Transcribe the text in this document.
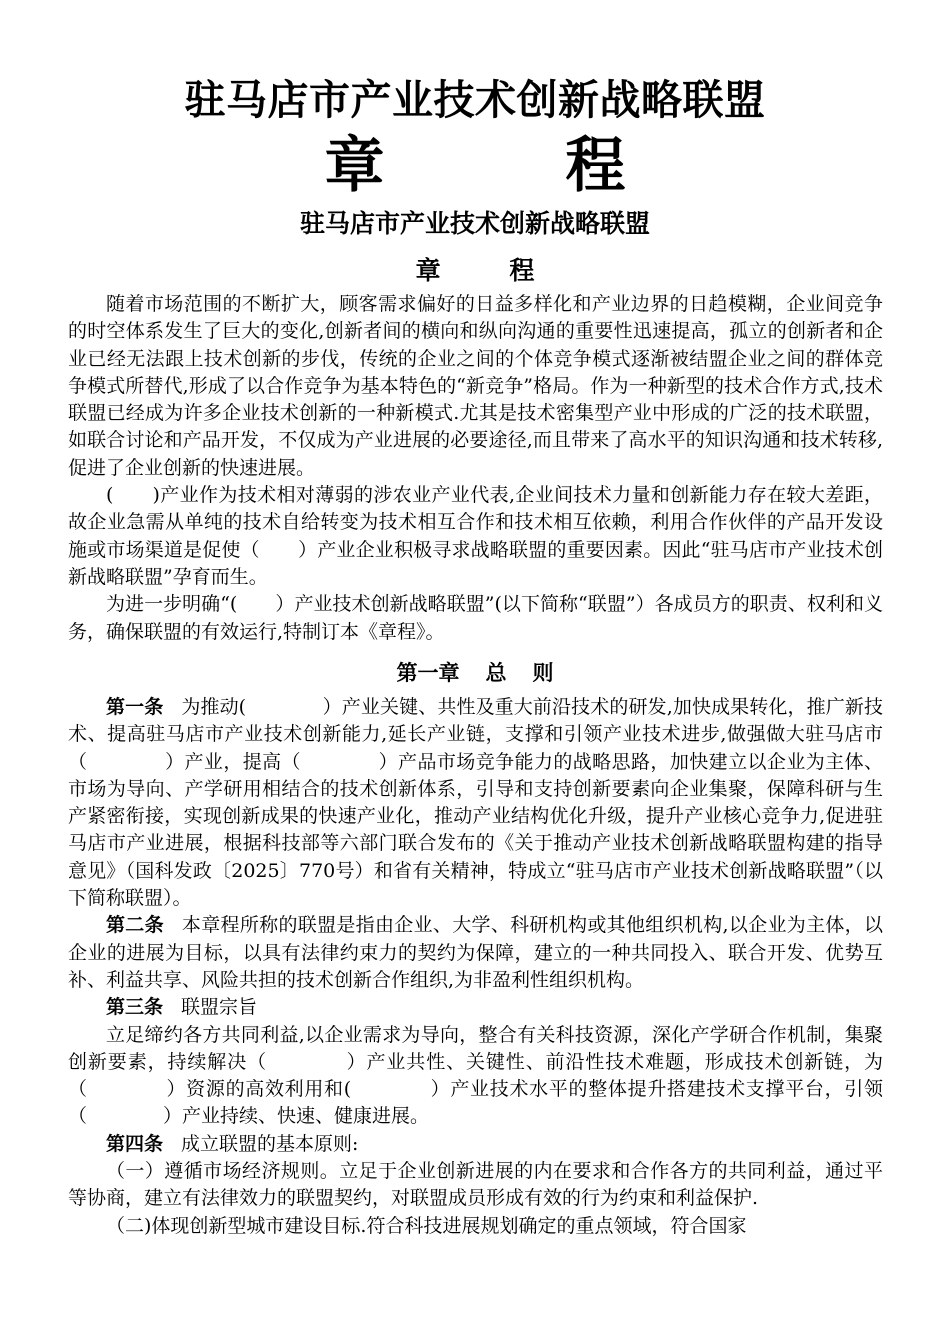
驻马店市产业技术创新战略联盟
章 程
驻马店市产业技术创新战略联盟
章 程

随着市场范围的不断扩大，顾客需求偏好的日益多样化和产业边界的日趋模糊，企业间竞争的时空体系发生了巨大的变化,创新者间的横向和纵向沟通的重要性迅速提高，孤立的创新者和企业已经无法跟上技术创新的步伐，传统的企业之间的个体竞争模式逐渐被结盟企业之间的群体竞争模式所替代,形成了以合作竞争为基本特色的“新竞争”格局。作为一种新型的技术合作方式,技术联盟已经成为许多企业技术创新的一种新模式.尤其是技术密集型产业中形成的广泛的技术联盟，如联合讨论和产品开发，不仅成为产业进展的必要途径,而且带来了高水平的知识沟通和技术转移,促进了企业创新的快速进展。

(　　)产业作为技术相对薄弱的涉农业产业代表,企业间技术力量和创新能力存在较大差距，故企业急需从单纯的技术自给转变为技术相互合作和技术相互依赖，利用合作伙伴的产品开发设施或市场渠道是促使（　　）产业企业积极寻求战略联盟的重要因素。因此“驻马店市产业技术创新战略联盟”孕育而生。

为进一步明确“(　　）产业技术创新战略联盟”(以下简称“联盟”）各成员方的职责、权利和义务，确保联盟的有效运行,特制订本《章程》。

第一章 总 则

第一条 为推动(　　　　）产业关键、共性及重大前沿技术的研发,加快成果转化，推广新技术、提高驻马店市产业技术创新能力,延长产业链，支撑和引领产业技术进步,做强做大驻马店市（　　　　）产业，提高（　　　　）产品市场竞争能力的战略思路，加快建立以企业为主体、市场为导向、产学研用相结合的技术创新体系，引导和支持创新要素向企业集聚，保障科研与生产紧密衔接，实现创新成果的快速产业化，推动产业结构优化升级，提升产业核心竞争力,促进驻马店市产业进展，根据科技部等六部门联合发布的《关于推动产业技术创新战略联盟构建的指导意见》（国科发政〔2025〕770号）和省有关精神，特成立“驻马店市产业技术创新战略联盟”（以下简称联盟）。

第二条 本章程所称的联盟是指由企业、大学、科研机构或其他组织机构,以企业为主体，以企业的进展为目标，以具有法律约束力的契约为保障，建立的一种共同投入、联合开发、优势互补、利益共享、风险共担的技术创新合作组织,为非盈利性组织机构。

第三条 联盟宗旨

立足缔约各方共同利益,以企业需求为导向，整合有关科技资源，深化产学研合作机制，集聚创新要素，持续解决（　　　　）产业共性、关键性、前沿性技术难题，形成技术创新链，为（　　　　）资源的高效利用和(　　　　）产业技术水平的整体提升搭建技术支撑平台，引领（　　　　）产业持续、快速、健康进展。

第四条 成立联盟的基本原则:

（一）遵循市场经济规则。立足于企业创新进展的内在要求和合作各方的共同利益，通过平等协商，建立有法律效力的联盟契约，对联盟成员形成有效的行为约束和利益保护.

（二)体现创新型城市建设目标.符合科技进展规划确定的重点领域，符合国家
